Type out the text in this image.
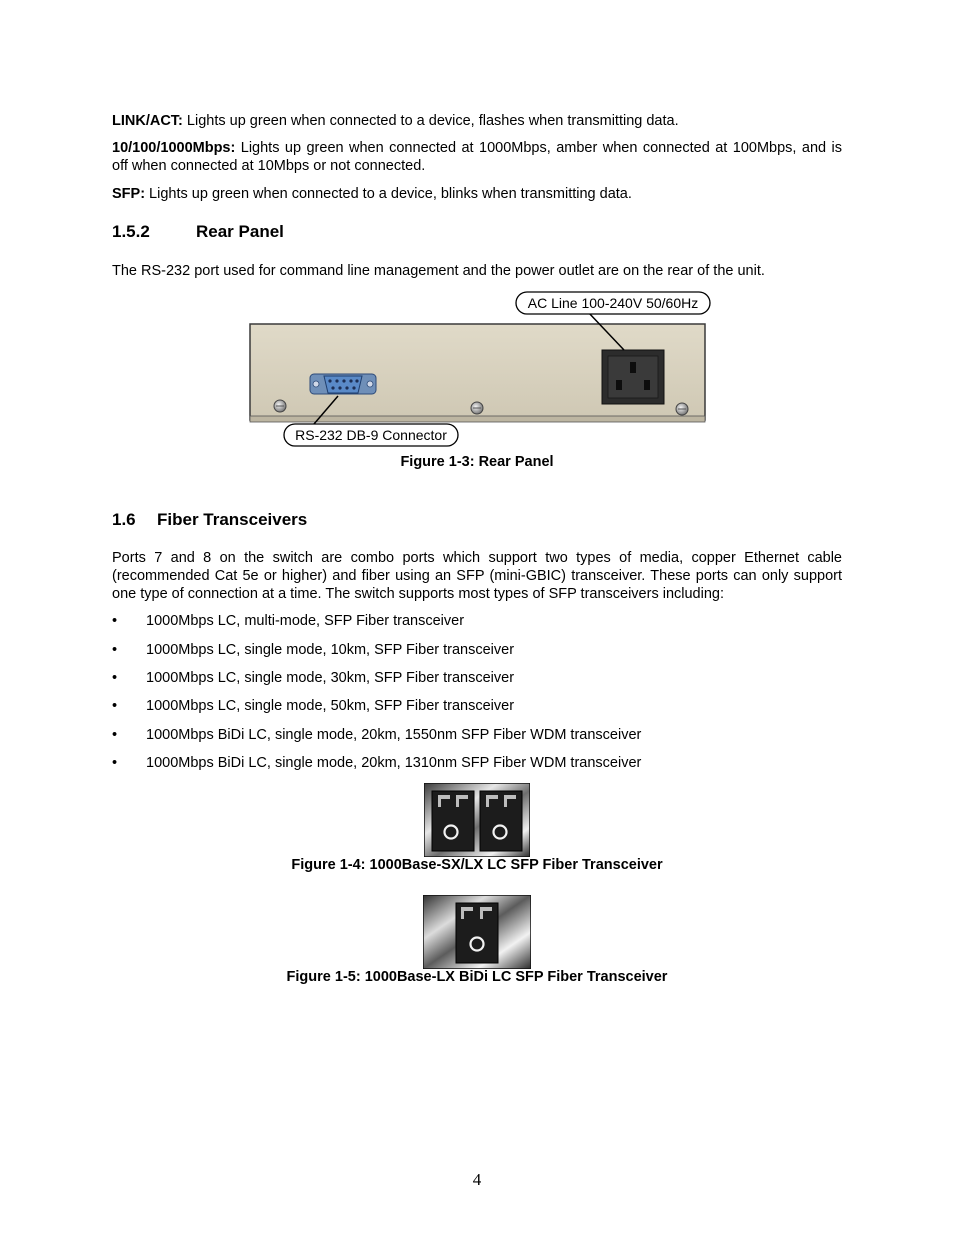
LINK/ACT: Lights up green when connected to a device, flashes when transmitting data.
10/100/1000Mbps: Lights up green when connected at 1000Mbps, amber when connected at 100Mbps, and is off when connected at 10Mbps or not connected.
SFP: Lights up green when connected to a device, blinks when transmitting data.
1.5.2	Rear Panel
The RS-232 port used for command line management and the power outlet are on the rear of the unit.
AC Line 100-240V 50/60Hz
RS-232 DB-9 Connector
Figure 1-3: Rear Panel
1.6 Fiber Transceivers
Ports 7 and 8 on the switch are combo ports which support two types of media, copper Ethernet cable (recommended Cat 5e or higher) and fiber using an SFP (mini-GBIC) transceiver. These ports can only support one type of connection at a time. The switch supports most types of SFP transceivers including:
•	1000Mbps LC, multi-mode, SFP Fiber transceiver
•	1000Mbps LC, single mode, 10km, SFP Fiber transceiver
•	1000Mbps LC, single mode, 30km, SFP Fiber transceiver
•	1000Mbps LC, single mode, 50km, SFP Fiber transceiver
•	1000Mbps BiDi LC, single mode, 20km, 1550nm SFP Fiber WDM transceiver
•	1000Mbps BiDi LC, single mode, 20km, 1310nm SFP Fiber WDM transceiver
Figure 1-4: 1000Base-SX/LX LC SFP Fiber Transceiver
Figure 1-5: 1000Base-LX BiDi LC SFP Fiber Transceiver
4
